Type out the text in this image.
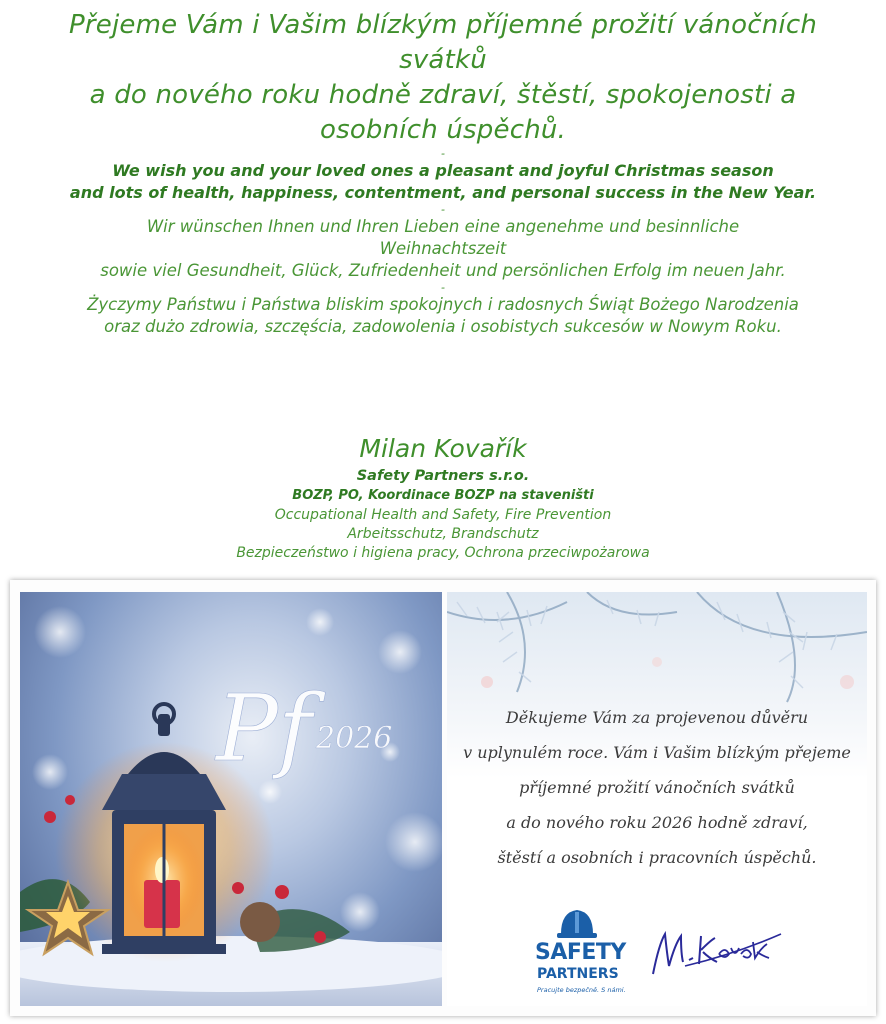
Přejeme Vám i Vašim blízkým příjemné prožití vánočních svátků
a do nového roku hodně zdraví, štěstí, spokojenosti a osobních úspěchů.
-
We wish you and your loved ones a pleasant and joyful Christmas season
and lots of health, happiness, contentment, and personal success in the New Year.
-
Wir wünschen Ihnen und Ihren Lieben eine angenehme und besinnliche Weihnachtszeit
sowie viel Gesundheit, Glück, Zufriedenheit und persönlichen Erfolg im neuen Jahr.
-
Życzymy Państwu i Państwa bliskim spokojnych i radosnych Świąt Bożego Narodzenia
oraz dużo zdrowia, szczęścia, zadowolenia i osobistych sukcesów w Nowym Roku.
Milan Kovařík
Safety Partners s.r.o.
BOZP, PO, Koordinace BOZP na staveništi
Occupational Health and Safety, Fire Prevention
Arbeitsschutz, Brandschutz
Bezpieczeństwo i higiena pracy, Ochrona przeciwpożarowa
Pf 2026
Děkujeme Vám za projevenou důvěru
v uplynulém roce. Vám i Vašim blízkým přejeme
příjemné prožití vánočních svátků
a do nového roku 2026 hodně zdraví,
štěstí a osobních i pracovních úspěchů.
SAFETY
PARTNERS
Pracujte bezpečně. S námi.
